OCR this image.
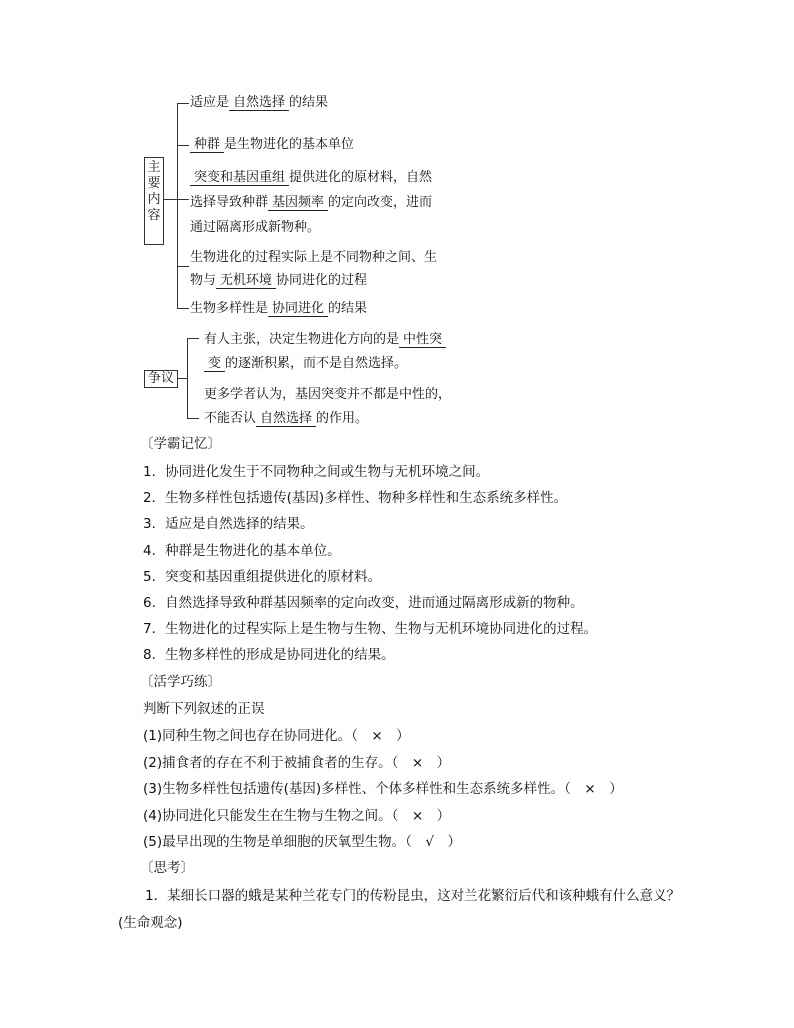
主
要
内
容
适应是 自然选择 的结果
种群 是生物进化的基本单位
突变和基因重组 提供进化的原材料，自然
选择导致种群 基因频率 的定向改变，进而
通过隔离形成新物种。
生物进化的过程实际上是不同物种之间、生
物与 无机环境 协同进化的过程
生物多样性是 协同进化 的结果
争议
有人主张，决定生物进化方向的是 中性突
变 的逐渐积累，而不是自然选择。
更多学者认为，基因突变并不都是中性的，
不能否认 自然选择 的作用。
〔学霸记忆〕
1．协同进化发生于不同物种之间或生物与无机环境之间。
2．生物多样性包括遗传(基因)多样性、物种多样性和生态系统多样性。
3．适应是自然选择的结果。
4．种群是生物进化的基本单位。
5．突变和基因重组提供进化的原材料。
6．自然选择导致种群基因频率的定向改变，进而通过隔离形成新的物种。
7．生物进化的过程实际上是生物与生物、生物与无机环境协同进化的过程。
8．生物多样性的形成是协同进化的结果。
〔活学巧练〕
判断下列叙述的正误
(1)同种生物之间也存在协同进化。（　×　）
(2)捕食者的存在不利于被捕食者的生存。（　×　）
(3)生物多样性包括遗传(基因)多样性、个体多样性和生态系统多样性。（　×　）
(4)协同进化只能发生在生物与生物之间。（　×　）
(5)最早出现的生物是单细胞的厌氧型生物。（　√　）
〔思考〕
1．某细长口器的蛾是某种兰花专门的传粉昆虫，这对兰花繁衍后代和该种蛾有什么意义？
(生命观念)
